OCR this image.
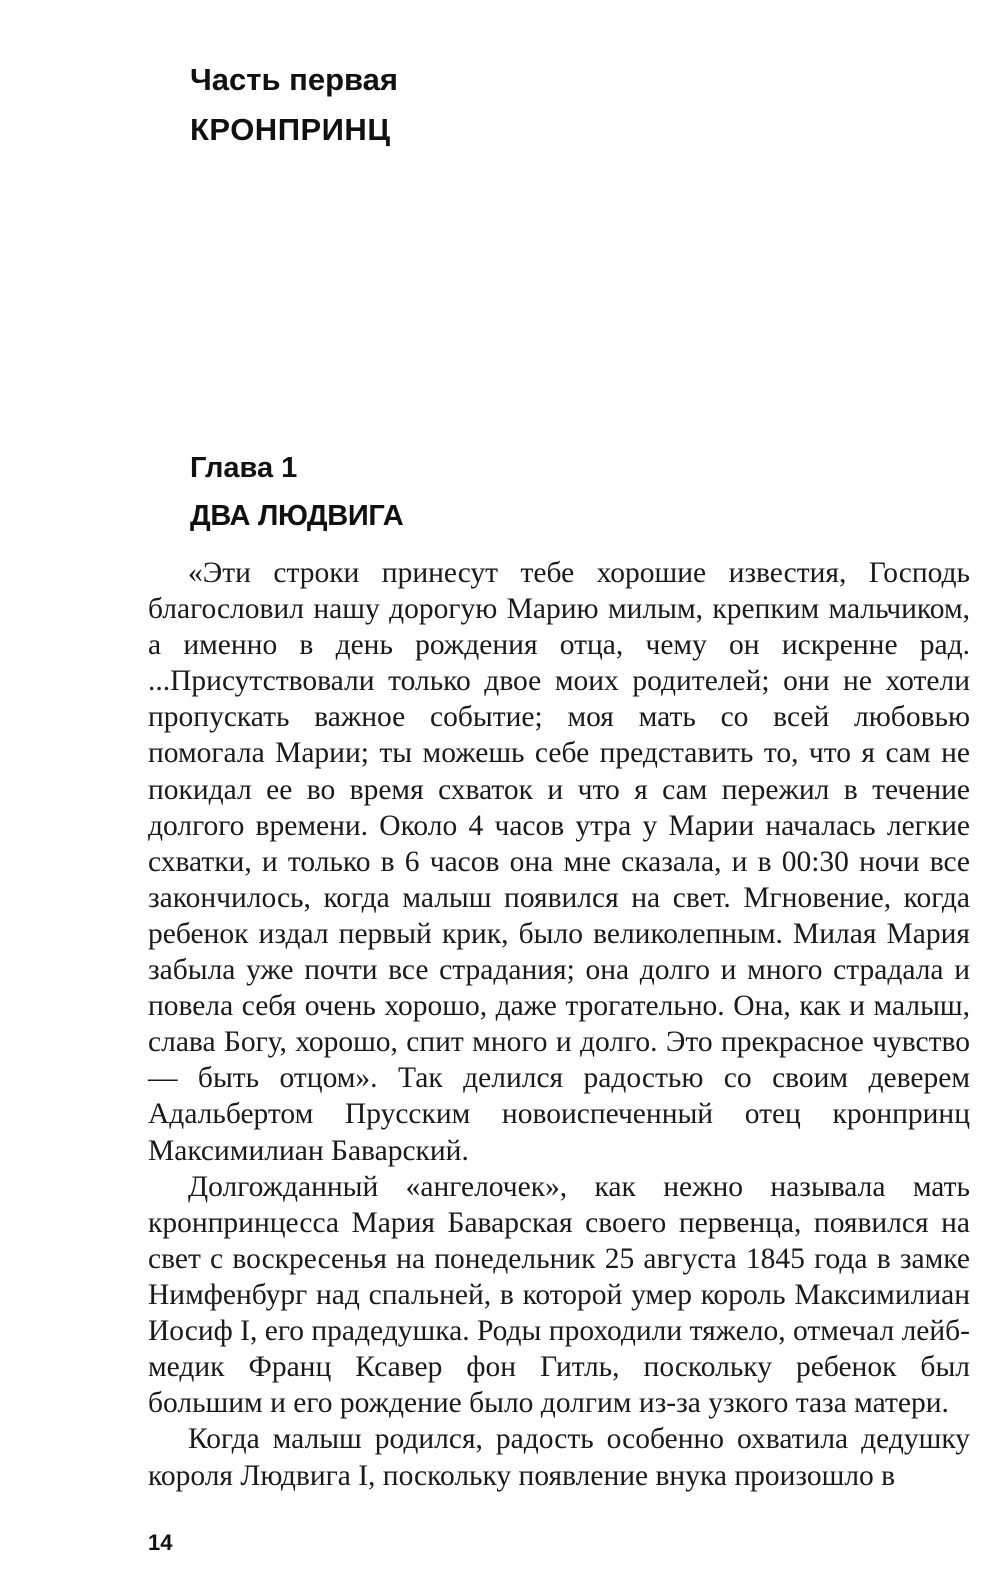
Часть первая
КРОНПРИНЦ
Глава 1
ДВА ЛЮДВИГА

«Эти строки принесут тебе хорошие известия, Господь благословил нашу дорогую Марию милым, крепким мальчиком, а именно в день рождения отца, чему он искренне рад. ...Присутствовали только двое моих родителей; они не хотели пропускать важное событие; моя мать со всей любовью помогала Марии; ты можешь себе представить то, что я сам не покидал ее во время схваток и что я сам пережил в течение долгого времени. Около 4 часов утра у Марии началась легкие схватки, и только в 6 часов она мне сказала, и в 00:30 ночи все закончилось, когда малыш появился на свет. Мгновение, когда ребенок издал первый крик, было великолепным. Милая Мария забыла уже почти все страдания; она долго и много страдала и повела себя очень хорошо, даже трогательно. Она, как и малыш, слава Богу, хорошо, спит много и долго. Это прекрасное чувство — быть отцом». Так делился радостью со своим деверем Адальбертом Прусским новоиспеченный отец кронпринц Максимилиан Баварский.

Долгожданный «ангелочек», как нежно называла мать кронпринцесса Мария Баварская своего первенца, появился на свет с воскресенья на понедельник 25 августа 1845 года в замке Нимфенбург над спальней, в которой умер король Максимилиан Иосиф I, его прадедушка. Роды проходили тяжело, отмечал лейб-медик Франц Ксавер фон Гитль, поскольку ребенок был большим и его рождение было долгим из-за узкого таза матери.

Когда малыш родился, радость особенно охватила дедушку короля Людвига I, поскольку появление внука произошло в

14
